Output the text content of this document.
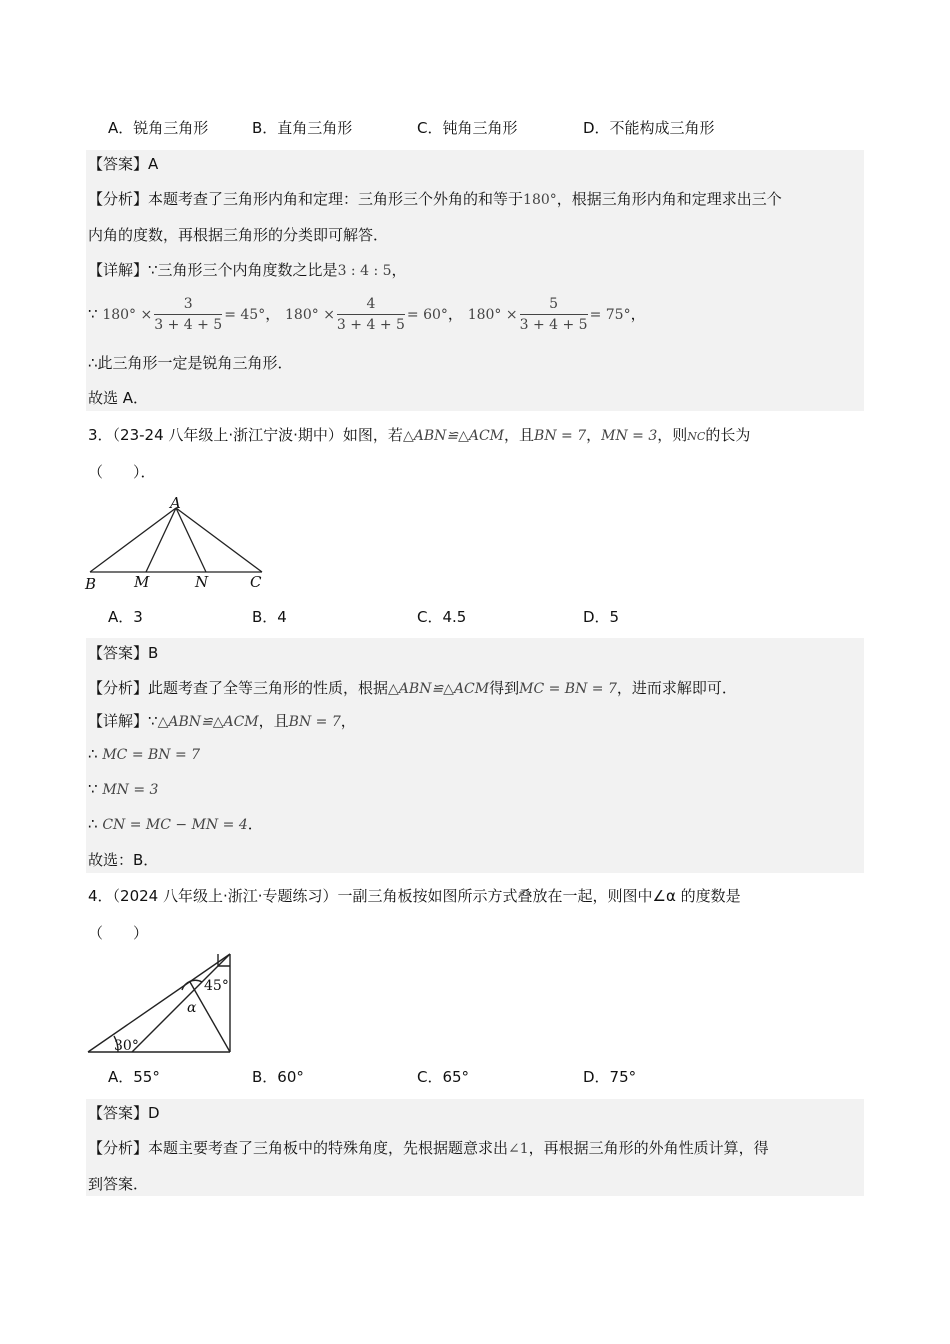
A．锐角三角形	B．直角三角形	C．钝角三角形	D．不能构成三角形
【答案】A
【分析】本题考查了三角形内角和定理：三角形三个外角的和等于180°，根据三角形内角和定理求出三个
内角的度数，再根据三角形的分类即可解答．
【详解】∵三角形三个内角度数之比是3 : 4 : 5，
∵ $180^\circ \times \frac{3}{3 + 4 + 5} = 45^\circ$， $180^\circ \times \frac{4}{3 + 4 + 5} = 60^\circ$， $180^\circ \times \frac{5}{3 + 4 + 5} = 75^\circ$，
∴此三角形一定是锐角三角形．
故选 A．
3．（23-24 八年级上·浙江宁波·期中）如图，若△ABN≌△ACM，且BN = 7，MN = 3，则NC的长为
（　　）．
A
B	M	N	C
A．3	B．4	C．4.5	D．5
【答案】B
【分析】此题考查了全等三角形的性质，根据△ABN≌△ACM得到MC = BN = 7，进而求解即可．
【详解】∵△ABN≌△ACM，且BN = 7，
∴ MC = BN = 7
∵ MN = 3
∴ CN = MC − MN = 4．
故选：B．
4．（2024 八年级上·浙江·专题练习）一副三角板按如图所示方式叠放在一起，则图中∠α 的度数是
（　　）
45°
α
30°
A．55°	B．60°	C．65°	D．75°
【答案】D
【分析】本题主要考查了三角板中的特殊角度，先根据题意求出∠1，再根据三角形的外角性质计算，得
到答案．
